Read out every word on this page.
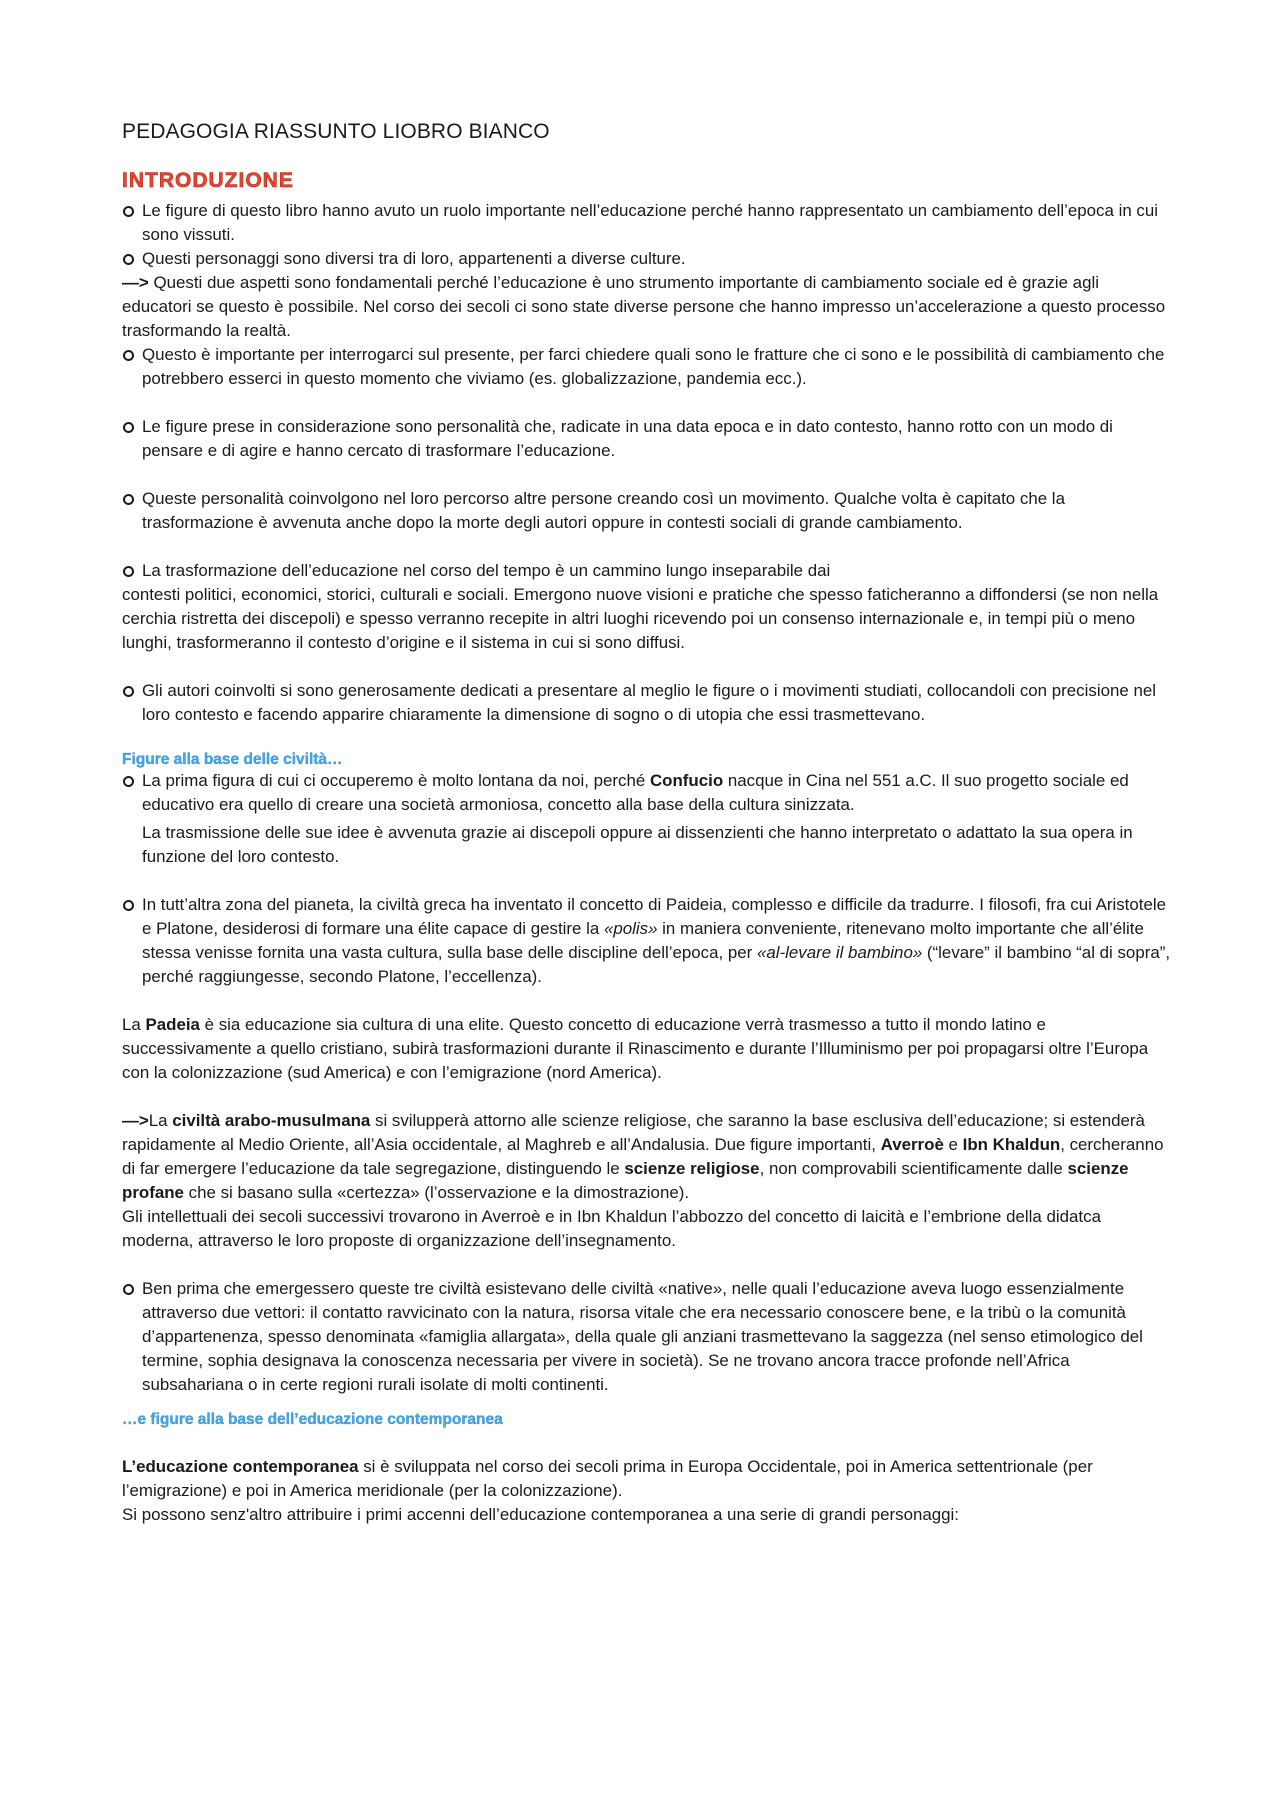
PEDAGOGIA RIASSUNTO LIOBRO BIANCO
INTRODUZIONE

Le figure di questo libro hanno avuto un ruolo importante nell’educazione perché hanno rappresentato un cambiamento dell’epoca in cui sono vissuti.

Questi personaggi sono diversi tra di loro, appartenenti a diverse culture.

—> Questi due aspetti sono fondamentali perché l’educazione è uno strumento importante di cambiamento sociale ed è grazie agli educatori se questo è possibile. Nel corso dei secoli ci sono state diverse persone che hanno impresso un’accelerazione a questo processo trasformando la realtà.

Questo è importante per interrogarci sul presente, per farci chiedere quali sono le fratture che ci sono e le possibilità di cambiamento che potrebbero esserci in questo momento che viviamo (es. globalizzazione, pandemia ecc.).

Le figure prese in considerazione sono personalità che, radicate in una data epoca e in dato contesto, hanno rotto con un modo di pensare e di agire e hanno cercato di trasformare l’educazione.

Queste personalità coinvolgono nel loro percorso altre persone creando così un movimento. Qualche volta è capitato che la trasformazione è avvenuta anche dopo la morte degli autori oppure in contesti sociali di grande cambiamento.

La trasformazione dell’educazione nel corso del tempo è un cammino lungo inseparabile dai

contesti politici, economici, storici, culturali e sociali. Emergono nuove visioni e pratiche che spesso faticheranno a diffondersi (se non nella cerchia ristretta dei discepoli) e spesso verranno recepite in altri luoghi ricevendo poi un consenso internazionale e, in tempi più o meno lunghi, trasformeranno il contesto d’origine e il sistema in cui si sono diffusi.

Gli autori coinvolti si sono generosamente dedicati a presentare al meglio le figure o i movimenti studiati, collocandoli con precisione nel loro contesto e facendo apparire chiaramente la dimensione di sogno o di utopia che essi trasmettevano.

Figure alla base delle civiltà…

La prima figura di cui ci occuperemo è molto lontana da noi, perché Confucio nacque in Cina nel 551 a.C. Il suo progetto sociale ed educativo era quello di creare una società armoniosa, concetto alla base della cultura sinizzata.

La trasmissione delle sue idee è avvenuta grazie ai discepoli oppure ai dissenzienti che hanno interpretato o adattato la sua opera in funzione del loro contesto.

In tutt’altra zona del pianeta, la civiltà greca ha inventato il concetto di Paideia, complesso e difficile da tradurre. I filosofi, fra cui Aristotele e Platone, desiderosi di formare una élite capace di gestire la «polis» in maniera conveniente, ritenevano molto importante che all’élite stessa venisse fornita una vasta cultura, sulla base delle discipline dell’epoca, per «al-levare il bambino» (“levare” il bambino “al di sopra”, perché raggiungesse, secondo Platone, l’eccellenza).

La Padeia è sia educazione sia cultura di una elite. Questo concetto di educazione verrà trasmesso a tutto il mondo latino e successivamente a quello cristiano, subirà trasformazioni durante il Rinascimento e durante l’Illuminismo per poi propagarsi oltre l’Europa con la colonizzazione (sud America) e con l’emigrazione (nord America).

—>La civiltà arabo-musulmana si svilupperà attorno alle scienze religiose, che saranno la base esclusiva dell’educazione; si estenderà rapidamente al Medio Oriente, all’Asia occidentale, al Maghreb e all’Andalusia. Due figure importanti, Averroè e Ibn Khaldun, cercheranno di far emergere l’educazione da tale segregazione, distinguendo le scienze religiose, non comprovabili scientificamente dalle scienze profane che si basano sulla «certezza» (l’osservazione e la dimostrazione).

Gli intellettuali dei secoli successivi trovarono in Averroè e in Ibn Khaldun l’abbozzo del concetto di laicità e l’embrione della didatca moderna, attraverso le loro proposte di organizzazione dell’insegnamento.

Ben prima che emergessero queste tre civiltà esistevano delle civiltà «native», nelle quali l’educazione aveva luogo essenzialmente attraverso due vettori: il contatto ravvicinato con la natura, risorsa vitale che era necessario conoscere bene, e la tribù o la comunità d’appartenenza, spesso denominata «famiglia allargata», della quale gli anziani trasmettevano la saggezza (nel senso etimologico del termine, sophia designava la conoscenza necessaria per vivere in società). Se ne trovano ancora tracce profonde nell’Africa subsahariana o in certe regioni rurali isolate di molti continenti.

…e figure alla base dell’educazione contemporanea

L’educazione contemporanea si è sviluppata nel corso dei secoli prima in Europa Occidentale, poi in America settentrionale (per l’emigrazione) e poi in America meridionale (per la colonizzazione).

Si possono senz'altro attribuire i primi accenni dell’educazione contemporanea a una serie di grandi personaggi:
